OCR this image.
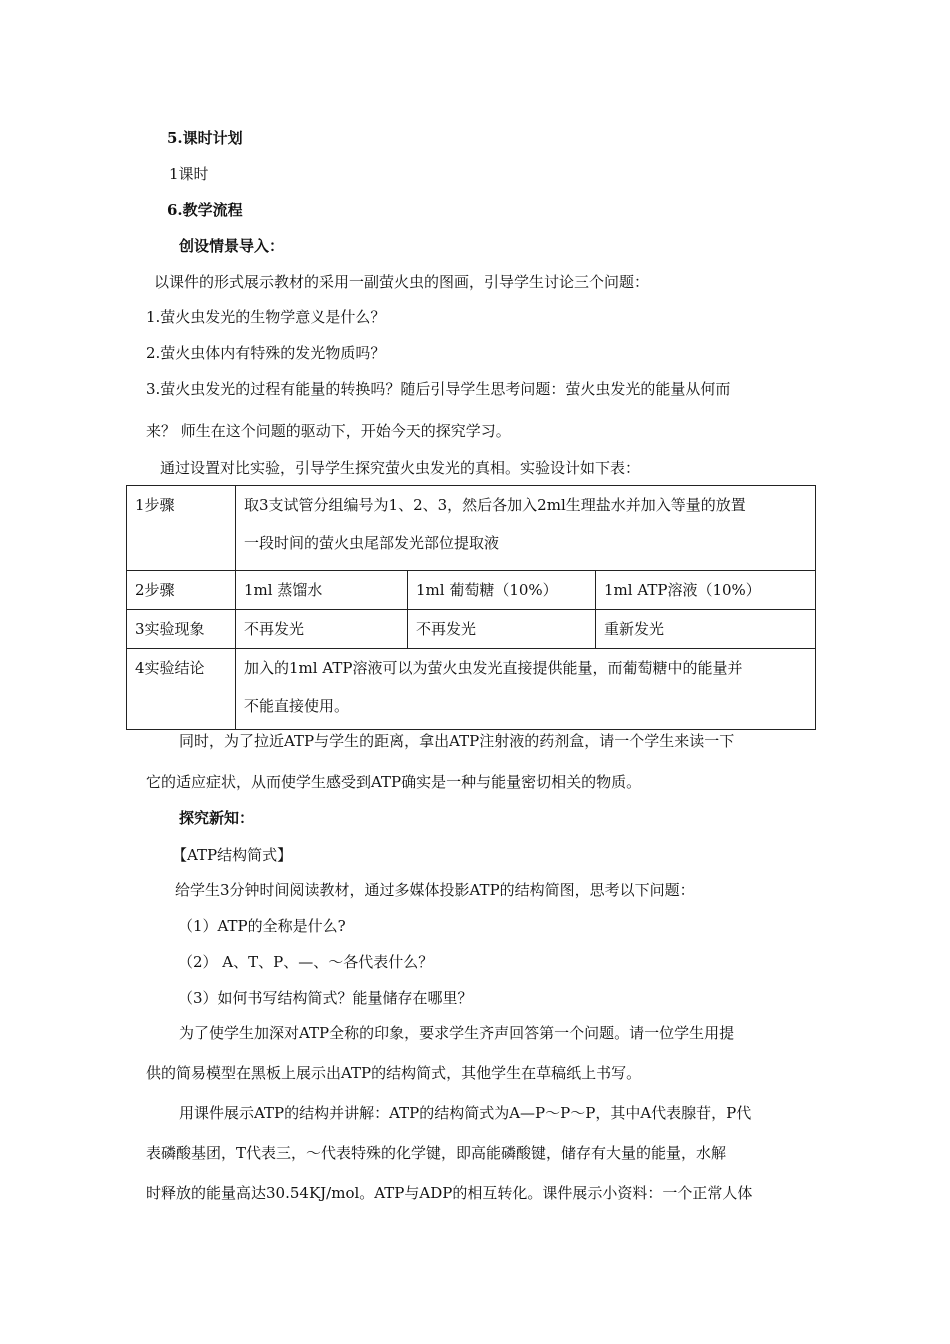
5.课时计划
1课时
6.教学流程
创设情景导入：
以课件的形式展示教材的采用一副萤火虫的图画，引导学生讨论三个问题：
1.萤火虫发光的生物学意义是什么？
2.萤火虫体内有特殊的发光物质吗？
3.萤火虫发光的过程有能量的转换吗？随后引导学生思考问题：萤火虫发光的能量从何而
来？ 师生在这个问题的驱动下，开始今天的探究学习。
通过设置对比实验，引导学生探究萤火虫发光的真相。实验设计如下表：
1步骤	取3支试管分组编号为1、2、3，然后各加入2ml生理盐水并加入等量的放置
一段时间的萤火虫尾部发光部位提取液		

2步骤	1ml 蒸馏水	1ml 葡萄糖（10%）	1ml ATP溶液（10%）

3实验现象	不再发光	不再发光	重新发光

4实验结论	加入的1ml ATP溶液可以为萤火虫发光直接提供能量，而葡萄糖中的能量并
不能直接使用。		
同时，为了拉近ATP与学生的距离，拿出ATP注射液的药剂盒，请一个学生来读一下
它的适应症状，从而使学生感受到ATP确实是一种与能量密切相关的物质。
探究新知：
【ATP结构简式】
给学生3分钟时间阅读教材，通过多媒体投影ATP的结构简图，思考以下问题：
（1）ATP的全称是什么?
（2） A、T、P、—、～各代表什么？
（3）如何书写结构简式？能量储存在哪里？
为了使学生加深对ATP全称的印象，要求学生齐声回答第一个问题。请一位学生用提
供的简易模型在黑板上展示出ATP的结构简式，其他学生在草稿纸上书写。
用课件展示ATP的结构并讲解：ATP的结构简式为A—P～P～P，其中A代表腺苷，P代
表磷酸基团，T代表三，～代表特殊的化学键，即高能磷酸键，储存有大量的能量，水解
时释放的能量高达30.54KJ/mol。ATP与ADP的相互转化。课件展示小资料：一个正常人体
